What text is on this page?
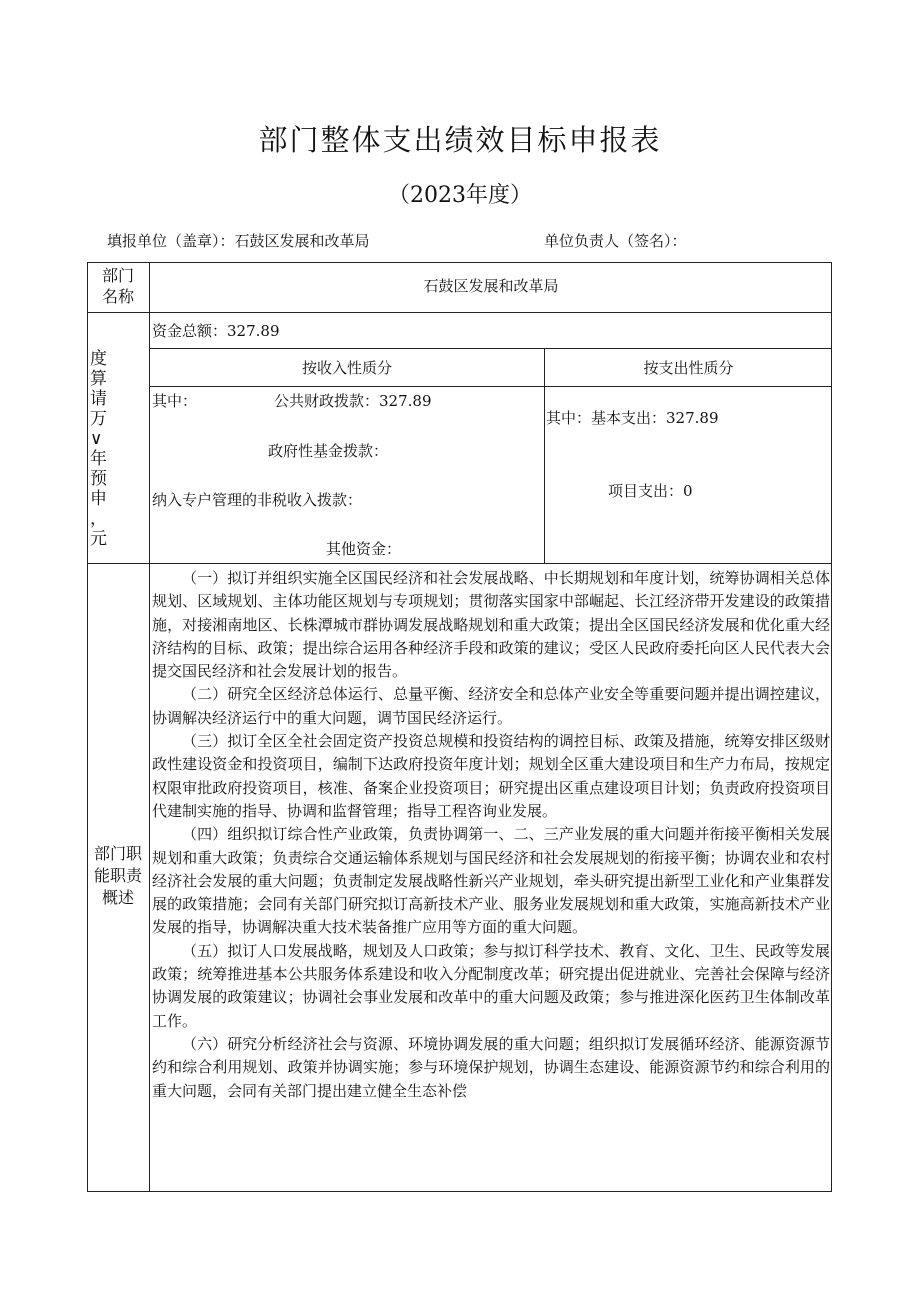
部门整体支出绩效目标申报表
（2023年度）
填报单位（盖章）：石鼓区发展和改革局	单位负责人（签名）：
部门
名称
石鼓区发展和改革局
度
算
请
万
∨
年
预
申
，
元
资金总额：327.89
按收入性质分	按支出性质分
其中：	公共财政拨款：327.89
政府性基金拨款：
纳入专户管理的非税收入拨款：
其他资金：
其中：基本支出：327.89
项目支出：0
部门职
能职责
概述

（一）拟订并组织实施全区国民经济和社会发展战略、中长期规划和年度计划，统筹协调相关总体规划、区域规划、主体功能区规划与专项规划；贯彻落实国家中部崛起、长江经济带开发建设的政策措施，对接湘南地区、长株潭城市群协调发展战略规划和重大政策；提出全区国民经济发展和优化重大经济结构的目标、政策；提出综合运用各种经济手段和政策的建议；受区人民政府委托向区人民代表大会提交国民经济和社会发展计划的报告。

（二）研究全区经济总体运行、总量平衡、经济安全和总体产业安全等重要问题并提出调控建议，协调解决经济运行中的重大问题，调节国民经济运行。

（三）拟订全区全社会固定资产投资总规模和投资结构的调控目标、政策及措施，统筹安排区级财政性建设资金和投资项目，编制下达政府投资年度计划；规划全区重大建设项目和生产力布局，按规定权限审批政府投资项目，核准、备案企业投资项目；研究提出区重点建设项目计划；负责政府投资项目代建制实施的指导、协调和监督管理；指导工程咨询业发展。

（四）组织拟订综合性产业政策，负责协调第一、二、三产业发展的重大问题并衔接平衡相关发展规划和重大政策；负责综合交通运输体系规划与国民经济和社会发展规划的衔接平衡；协调农业和农村经济社会发展的重大问题；负责制定发展战略性新兴产业规划，牵头研究提出新型工业化和产业集群发展的政策措施；会同有关部门研究拟订高新技术产业、服务业发展规划和重大政策，实施高新技术产业发展的指导，协调解决重大技术装备推广应用等方面的重大问题。

（五）拟订人口发展战略，规划及人口政策；参与拟订科学技术、教育、文化、卫生、民政等发展政策；统筹推进基本公共服务体系建设和收入分配制度改革；研究提出促进就业、完善社会保障与经济协调发展的政策建议；协调社会事业发展和改革中的重大问题及政策；参与推进深化医药卫生体制改革工作。

（六）研究分析经济社会与资源、环境协调发展的重大问题；组织拟订发展循环经济、能源资源节约和综合利用规划、政策并协调实施；参与环境保护规划，协调生态建设、能源资源节约和综合利用的重大问题，会同有关部门提出建立健全生态补偿
